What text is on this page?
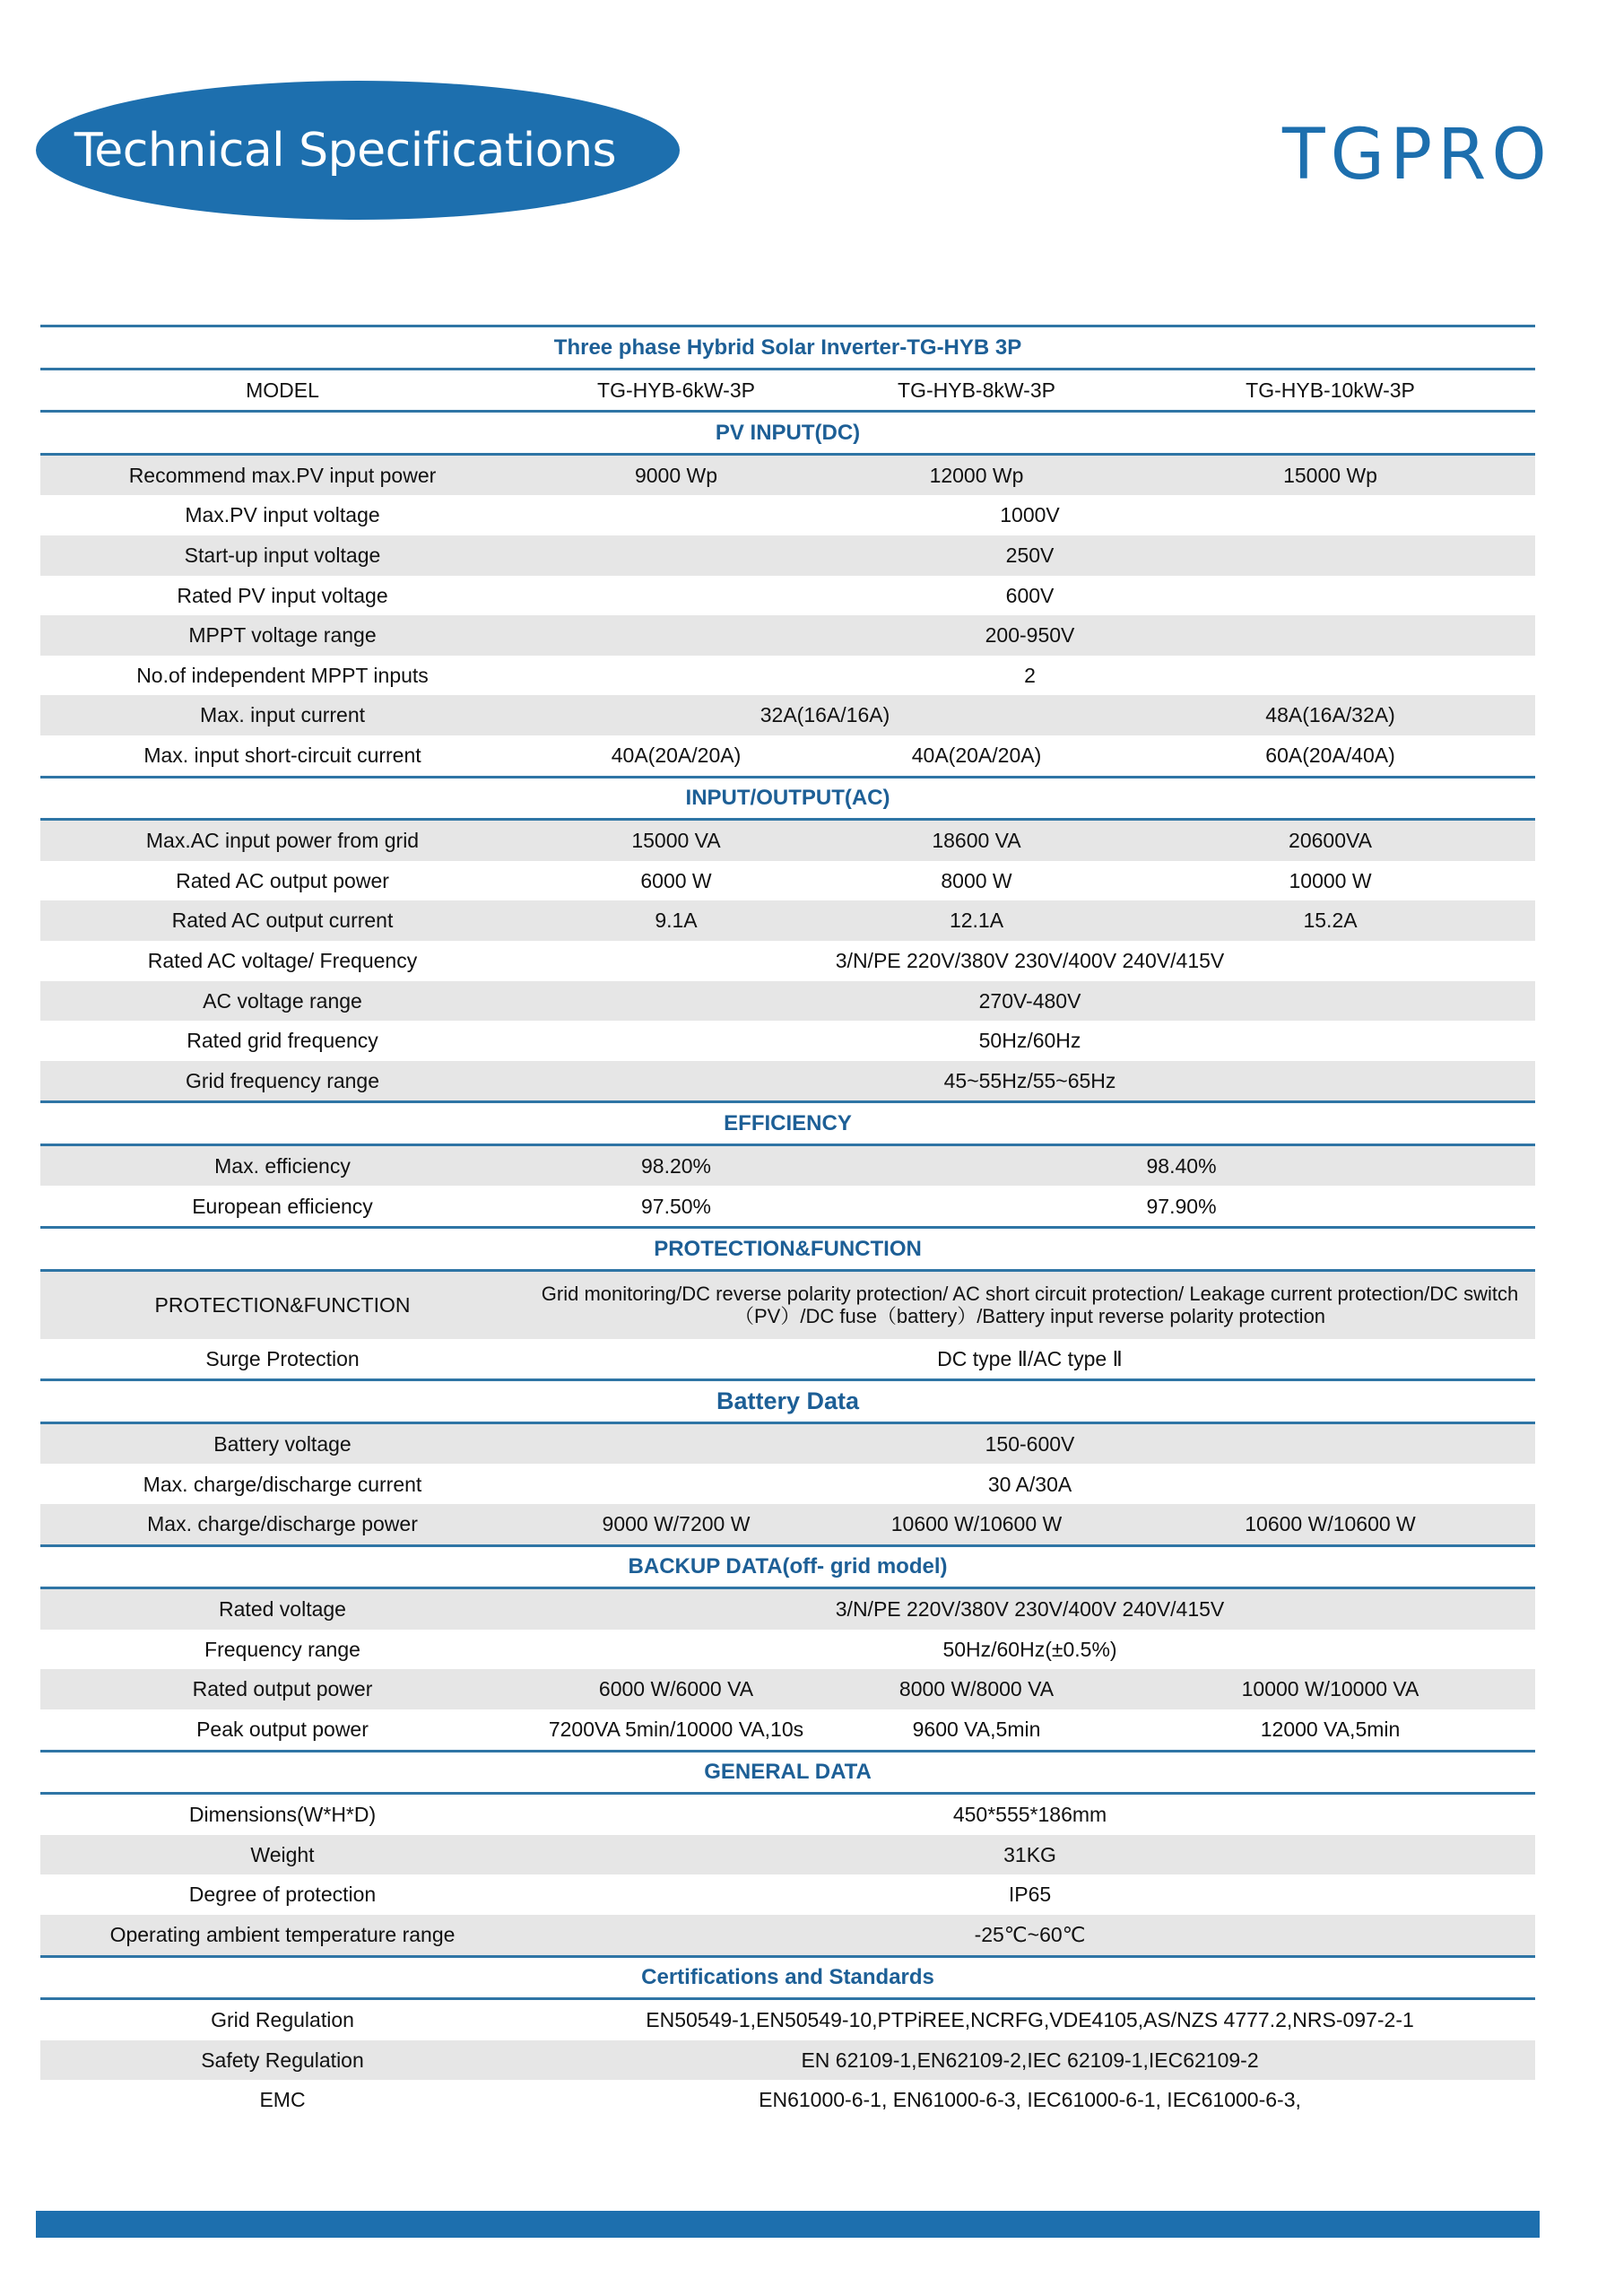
Technical Specifications	TGPRO
Three phase Hybrid Solar Inverter-TG-HYB 3P			
MODEL	TG-HYB-6kW-3P	TG-HYB-8kW-3P	TG-HYB-10kW-3P
PV INPUT(DC)			
Recommend max.PV input power	9000 Wp	12000 Wp	15000 Wp
Max.PV input voltage	1000V		
Start-up input voltage	250V		
Rated PV input voltage	600V		
MPPT voltage range	200-950V		
No.of independent MPPT inputs	2		
Max. input current	32A(16A/16A)		48A(16A/32A)
Max. input short-circuit current	40A(20A/20A)	40A(20A/20A)	60A(20A/40A)
INPUT/OUTPUT(AC)			
Max.AC input power from grid	15000 VA	18600 VA	20600VA
Rated AC output power	6000 W	8000 W	10000 W
Rated AC output current	9.1A	12.1A	15.2A
Rated AC voltage/ Frequency	3/N/PE 220V/380V 230V/400V 240V/415V		
AC voltage range	270V-480V		
Rated grid frequency	50Hz/60Hz		
Grid frequency range	45~55Hz/55~65Hz		
EFFICIENCY			
Max. efficiency	98.20%	98.40%	
European efficiency	97.50%	97.90%	
PROTECTION&FUNCTION			
PROTECTION&FUNCTION	Grid monitoring/DC reverse polarity protection/ AC short circuit protection/ Leakage current protection/DC switch（PV）/DC fuse（battery）/Battery input reverse polarity protection		
Surge Protection	DC type Ⅱ/AC type Ⅱ		
Battery Data			
Battery voltage	150-600V		
Max. charge/discharge current	30 A/30A		
Max. charge/discharge power	9000 W/7200 W	10600 W/10600 W	10600 W/10600 W
BACKUP DATA(off- grid model)			
Rated voltage	3/N/PE 220V/380V 230V/400V 240V/415V		
Frequency range	50Hz/60Hz(±0.5%)		
Rated output power	6000 W/6000 VA	8000 W/8000 VA	10000 W/10000 VA
Peak output power	7200VA 5min/10000 VA,10s	9600 VA,5min	12000 VA,5min
GENERAL DATA			
Dimensions(W*H*D)	450*555*186mm		
Weight	31KG		
Degree of protection	IP65		
Operating ambient temperature range	-25℃~60℃		
Certifications and Standards			
Grid Regulation	EN50549-1,EN50549-10,PTPiREE,NCRFG,VDE4105,AS/NZS 4777.2,NRS-097-2-1		
Safety Regulation	EN 62109-1,EN62109-2,IEC 62109-1,IEC62109-2		
EMC	EN61000-6-1, EN61000-6-3, IEC61000-6-1, IEC61000-6-3,		
